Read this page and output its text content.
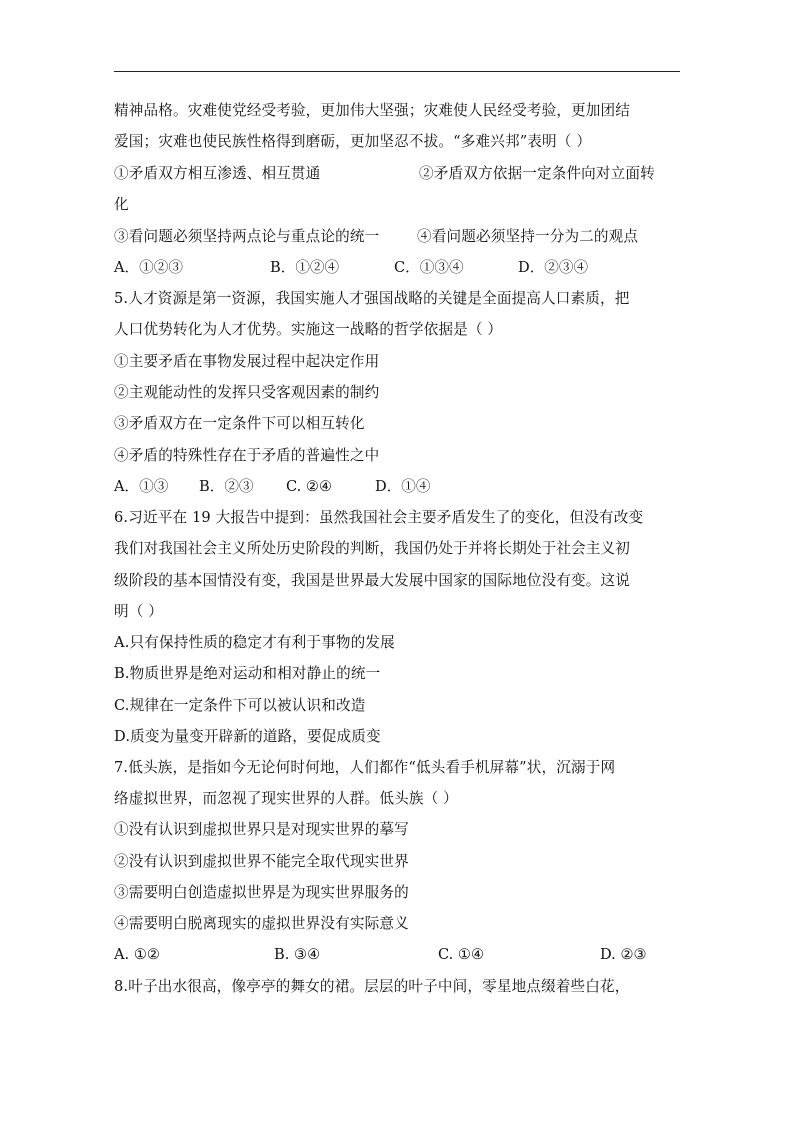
精神品格。灾难使党经受考验，更加伟大坚强；灾难使人民经受考验，更加团结
爱国；灾难也使民族性格得到磨砺，更加坚忍不拔。“多难兴邦”表明（ ）
①矛盾双方相互渗透、相互贯通	②矛盾双方依据一定条件向对立面转
化
③看问题必须坚持两点论与重点论的统一	④看问题必须坚持一分为二的观点
A．①②③	B．①②④	C．①③④	D．②③④
5.人才资源是第一资源，我国实施人才强国战略的关键是全面提高人口素质，把
人口优势转化为人才优势。实施这一战略的哲学依据是（ ）
①主要矛盾在事物发展过程中起决定作用
②主观能动性的发挥只受客观因素的制约
③矛盾双方在一定条件下可以相互转化
④矛盾的特殊性存在于矛盾的普遍性之中
A．①③ B．②③ C. ②④	D．①④
6.习近平在 19 大报告中提到：虽然我国社会主要矛盾发生了的变化，但没有改变
我们对我国社会主义所处历史阶段的判断，我国仍处于并将长期处于社会主义初
级阶段的基本国情没有变，我国是世界最大发展中国家的国际地位没有变。这说
明（ ）
A.只有保持性质的稳定才有利于事物的发展
B.物质世界是绝对运动和相对静止的统一
C.规律在一定条件下可以被认识和改造
D.质变为量变开辟新的道路，要促成质变
7.低头族，是指如今无论何时何地，人们都作“低头看手机屏幕”状，沉溺于网
络虚拟世界，而忽视了现实世界的人群。低头族（ ）
①没有认识到虚拟世界只是对现实世界的摹写
②没有认识到虚拟世界不能完全取代现实世界
③需要明白创造虚拟世界是为现实世界服务的
④需要明白脱离现实的虚拟世界没有实际意义
A. ①②	B. ③④	C. ①④	D. ②③
8.叶子出水很高，像亭亭的舞女的裙。层层的叶子中间，零星地点缀着些白花，
